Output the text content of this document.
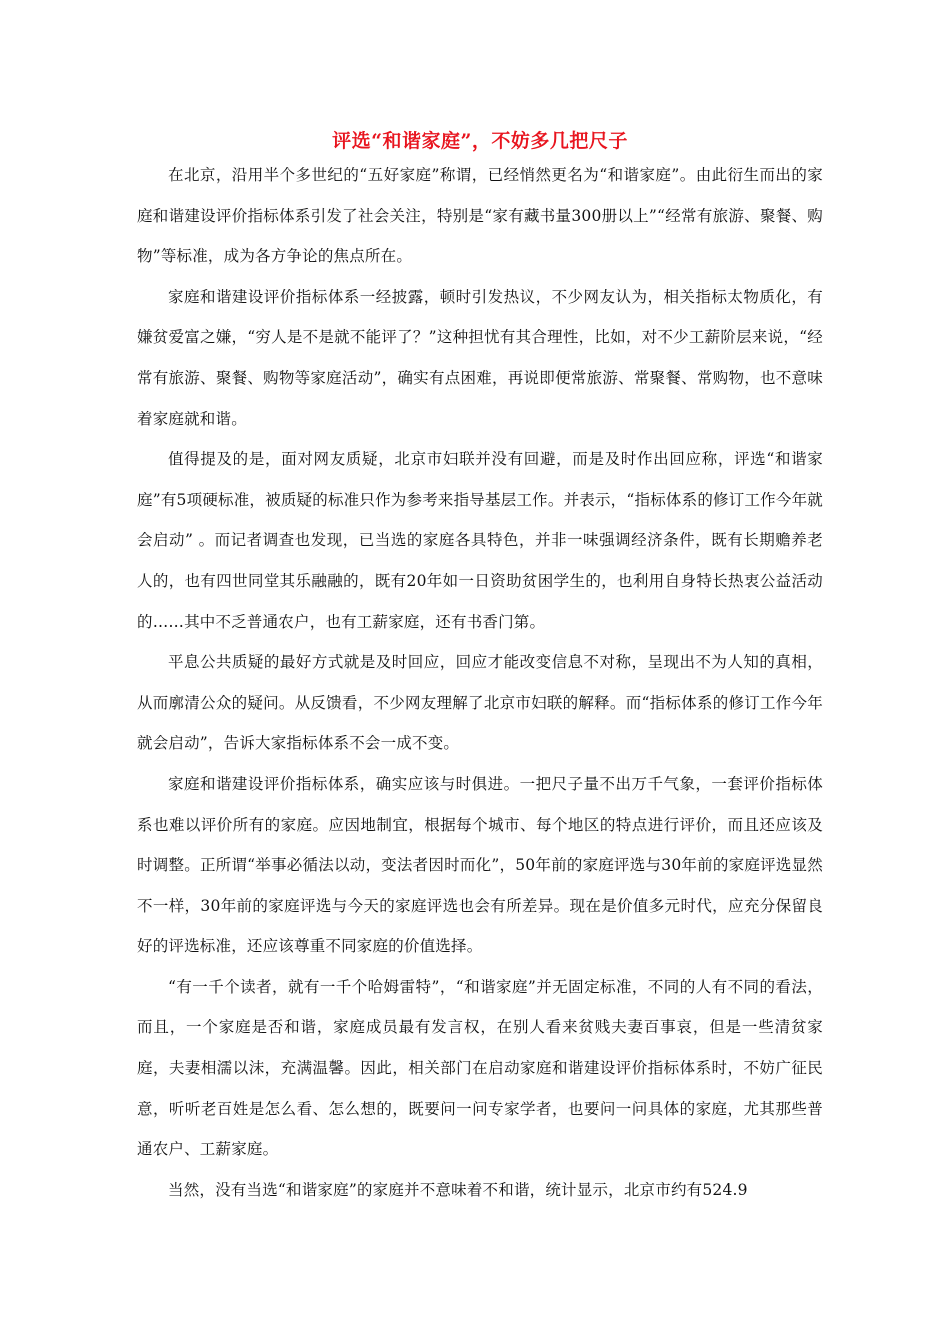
评选“和谐家庭”，不妨多几把尺子

在北京，沿用半个多世纪的“五好家庭”称谓，已经悄然更名为“和谐家庭”。由此衍生而出的家庭和谐建设评价指标体系引发了社会关注，特别是“家有藏书量300册以上”“经常有旅游、聚餐、购物”等标准，成为各方争论的焦点所在。

家庭和谐建设评价指标体系一经披露，顿时引发热议，不少网友认为，相关指标太物质化，有嫌贫爱富之嫌，“穷人是不是就不能评了？”这种担忧有其合理性，比如，对不少工薪阶层来说，“经常有旅游、聚餐、购物等家庭活动”，确实有点困难，再说即便常旅游、常聚餐、常购物，也不意味着家庭就和谐。

值得提及的是，面对网友质疑，北京市妇联并没有回避，而是及时作出回应称，评选“和谐家庭”有5项硬标准，被质疑的标准只作为参考来指导基层工作。并表示，“指标体系的修订工作今年就会启动” 。而记者调查也发现，已当选的家庭各具特色，并非一味强调经济条件，既有长期赡养老人的，也有四世同堂其乐融融的，既有20年如一日资助贫困学生的，也利用自身特长热衷公益活动的……其中不乏普通农户，也有工薪家庭，还有书香门第。

平息公共质疑的最好方式就是及时回应，回应才能改变信息不对称，呈现出不为人知的真相，从而廓清公众的疑问。从反馈看，不少网友理解了北京市妇联的解释。而“指标体系的修订工作今年就会启动”，告诉大家指标体系不会一成不变。

家庭和谐建设评价指标体系，确实应该与时俱进。一把尺子量不出万千气象，一套评价指标体系也难以评价所有的家庭。应因地制宜，根据每个城市、每个地区的特点进行评价，而且还应该及时调整。正所谓“举事必循法以动，变法者因时而化”，50年前的家庭评选与30年前的家庭评选显然不一样，30年前的家庭评选与今天的家庭评选也会有所差异。现在是价值多元时代，应充分保留良好的评选标准，还应该尊重不同家庭的价值选择。

“有一千个读者，就有一千个哈姆雷特”，“和谐家庭”并无固定标准，不同的人有不同的看法，而且，一个家庭是否和谐，家庭成员最有发言权，在别人看来贫贱夫妻百事哀，但是一些清贫家庭，夫妻相濡以沫，充满温馨。因此，相关部门在启动家庭和谐建设评价指标体系时，不妨广征民意，听听老百姓是怎么看、怎么想的，既要问一问专家学者，也要问一问具体的家庭，尤其那些普通农户、工薪家庭。

当然，没有当选“和谐家庭”的家庭并不意味着不和谐，统计显示，北京市约有524.9
